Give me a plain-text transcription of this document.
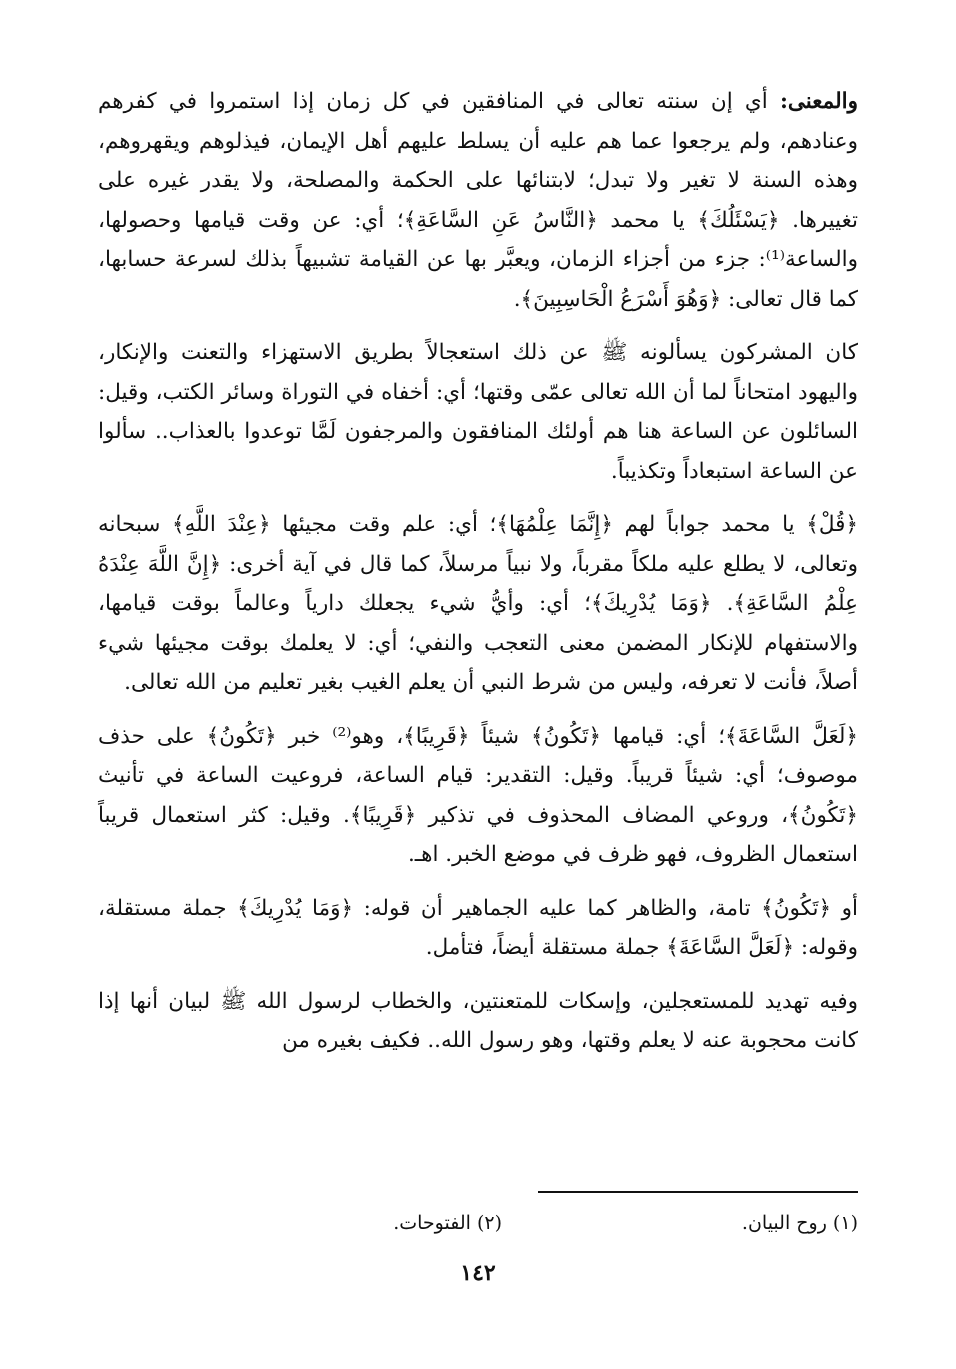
والمعنى: أي إن سنته تعالى في المنافقين في كل زمان إذا استمروا في كفرهم وعنادهم، ولم يرجعوا عما هم عليه أن يسلط عليهم أهل الإيمان، فيذلوهم ويقهروهم، وهذه السنة لا تغير ولا تبدل؛ لابتنائها على الحكمة والمصلحة، ولا يقدر غيره على تغييرها. ﴿يَسْئَلُكَ﴾ يا محمد ﴿النَّاسُ عَنِ السَّاعَةِ﴾؛ أي: عن وقت قيامها وحصولها، والساعة⁽¹⁾: جزء من أجزاء الزمان، ويعبَّر بها عن القيامة تشبيهاً بذلك لسرعة حسابها، كما قال تعالى: ﴿وَهُوَ أَسْرَعُ الْحَاسِبِينَ﴾.

كان المشركون يسألونه ﷺ عن ذلك استعجالاً بطريق الاستهزاء والتعنت والإنكار، واليهود امتحاناً لما أن الله تعالى عمّى وقتها؛ أي: أخفاه في التوراة وسائر الكتب، وقيل: السائلون عن الساعة هنا هم أولئك المنافقون والمرجفون لَمَّا توعدوا بالعذاب.. سألوا عن الساعة استبعاداً وتكذيباً.

﴿قُلْ﴾ يا محمد جواباً لهم ﴿إِنَّمَا عِلْمُهَا﴾؛ أي: علم وقت مجيئها ﴿عِنْدَ اللَّهِ﴾ سبحانه وتعالى، لا يطلع عليه ملكاً مقرباً، ولا نبياً مرسلاً، كما قال في آية أخرى: ﴿إِنَّ اللَّهَ عِنْدَهُ عِلْمُ السَّاعَةِ﴾. ﴿وَمَا يُدْرِيكَ﴾؛ أي: وأيُّ شيء يجعلك دارياً وعالماً بوقت قيامها، والاستفهام للإنكار المضمن معنى التعجب والنفي؛ أي: لا يعلمك بوقت مجيئها شيء أصلاً، فأنت لا تعرفه، وليس من شرط النبي أن يعلم الغيب بغير تعليم من الله تعالى.

﴿لَعَلَّ السَّاعَةَ﴾؛ أي: قيامها ﴿تَكُونُ﴾ شيئاً ﴿قَرِيبًا﴾، وهو⁽²⁾ خبر ﴿تَكُونُ﴾ على حذف موصوف؛ أي: شيئاً قريباً. وقيل: التقدير: قيام الساعة، فروعيت الساعة في تأنيث ﴿تَكُونُ﴾، وروعي المضاف المحذوف في تذكير ﴿قَرِيبًا﴾. وقيل: كثر استعمال قريباً استعمال الظروف، فهو ظرف في موضع الخبر. اهـ.

أو ﴿تَكُونُ﴾ تامة، والظاهر كما عليه الجماهير أن قوله: ﴿وَمَا يُدْرِيكَ﴾ جملة مستقلة، وقوله: ﴿لَعَلَّ السَّاعَةَ﴾ جملة مستقلة أيضاً، فتأمل.

وفيه تهديد للمستعجلين، وإسكات للمتعنتين، والخطاب لرسول الله ﷺ لبيان أنها إذا كانت محجوبة عنه لا يعلم وقتها، وهو رسول الله.. فكيف بغيره من

(١) روح البيان.
(٢) الفتوحات.
١٤٢
